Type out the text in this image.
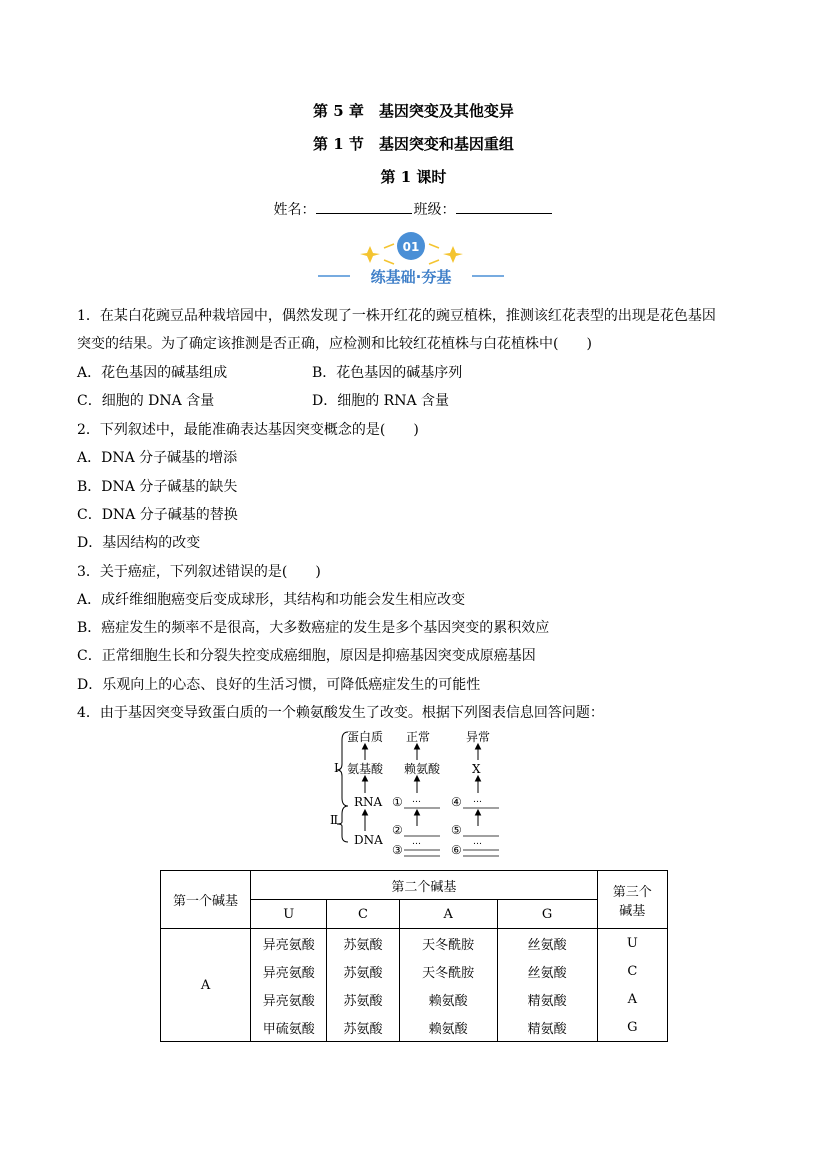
第 5 章　基因突变及其他变异
第 1 节　基因突变和基因重组
第 1 课时
姓名：	班级：
01
练基础·夯基
1．在某白花豌豆品种栽培园中，偶然发现了一株开红花的豌豆植株，推测该红花表型的出现是花色基因
突变的结果。为了确定该推测是否正确，应检测和比较红花植株与白花植株中(　　)
A．花色基因的碱基组成	B．花色基因的碱基序列
C．细胞的 DNA 含量	D．细胞的 RNA 含量
2．下列叙述中，最能准确表达基因突变概念的是(　　)
A．DNA 分子碱基的增添
B．DNA 分子碱基的缺失
C．DNA 分子碱基的替换
D．基因结构的改变
3．关于癌症，下列叙述错误的是(　　)
A．成纤维细胞癌变后变成球形，其结构和功能会发生相应改变
B．癌症发生的频率不是很高，大多数癌症的发生是多个基因突变的累积效应
C．正常细胞生长和分裂失控变成癌细胞，原因是抑癌基因突变成原癌基因
D．乐观向上的心态、良好的生活习惯，可降低癌症发生的可能性
4．由于基因突变导致蛋白质的一个赖氨酸发生了改变。根据下列图表信息回答问题：
Ⅰ
Ⅱ
蛋白质
氨基酸
RNA
DNA
正常	异常
赖氨酸	X
①
②
③
④
⑤
⑥
…
…
…
…
第一个碱基	第二个碱基				第三个
碱基
	U	C	A	G	
A	异亮氨酸	苏氨酸	天冬酰胺	丝氨酸	U
	异亮氨酸	苏氨酸	天冬酰胺	丝氨酸	C
	异亮氨酸	苏氨酸	赖氨酸	精氨酸	A
	甲硫氨酸	苏氨酸	赖氨酸	精氨酸	G
